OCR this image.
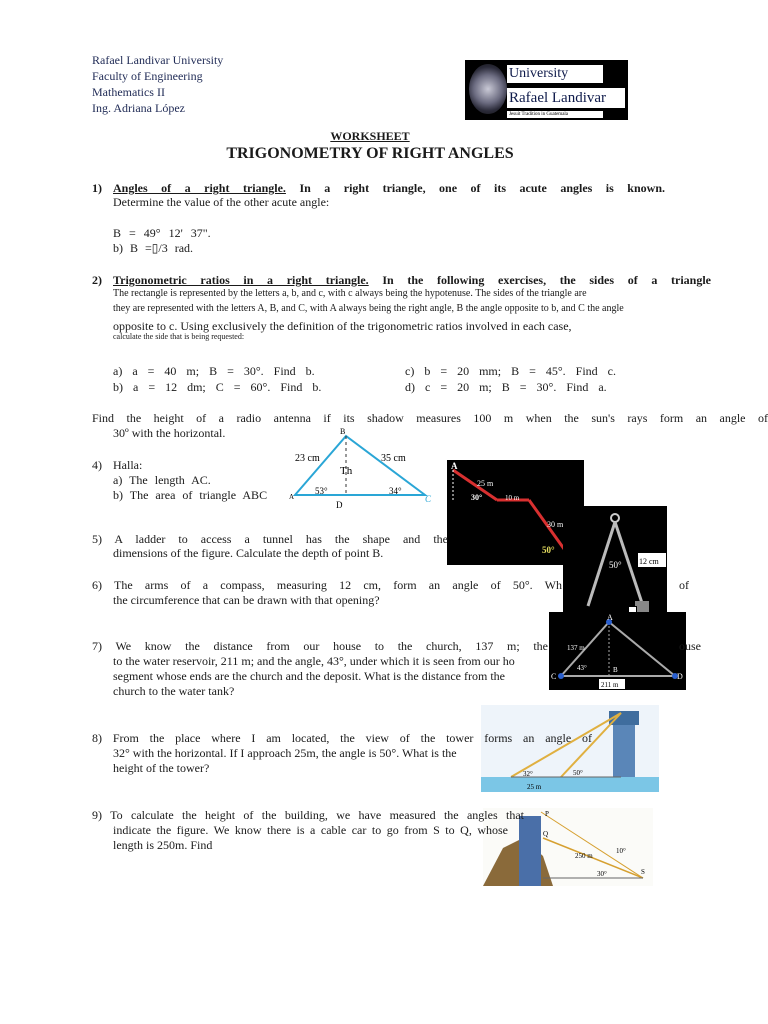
Rafael Landivar University
Faculty of Engineering
Mathematics II
Ing. Adriana López
University
Rafael Landivar
Jesuit Tradition in Guatemala
WORKSHEET
TRIGONOMETRY OF RIGHT ANGLES
1) Angles of a right triangle. In a right triangle, one of its acute angles is known.
Determine the value of the other acute angle:
B = 49° 12' 37".
b) B =▯/3 rad.
2) Trigonometric ratios in a right triangle. In the following exercises, the sides of a triangle
The rectangle is represented by the letters a, b, and c, with c always being the hypotenuse. The sides of the triangle are
they are represented with the letters A, B, and C, with A always being the right angle, B the angle opposite to b, and C the angle
opposite to c. Using exclusively the definition of the trigonometric ratios involved in each case,
calculate the side that is being requested:
a) a = 40 m; B = 30°. Find b.
b) a = 12 dm; C = 60°. Find b.
c) b = 20 mm; B = 45°. Find c.
d) c = 20 m; B = 30°. Find a.
Find the height of a radio antenna if its shadow measures 100 m when the sun's rays form an angle of
30º with the horizontal.
4) Halla:
a) The length AC.
b) The area of triangle ABC
B
D
C
A
23 cm	35 cm
Th
53°	34°
A
25 m
30°	10 m
30 m
50°
50° 12 cm
5) A ladder to access a tunnel has the shape and the
dimensions of the figure. Calculate the depth of point B.
6) The arms of a compass, measuring 12 cm, form an angle of 50°. Wh	of
the circumference that can be drawn with that opening?
A
B
C	D
137 m
43°
211 m
7) We know the distance from our house to the church, 137 m; the	ouse
to the water reservoir, 211 m; and the angle, 43°, under which it is seen from our ho
segment whose ends are the church and the deposit. What is the distance from the
church to the water tank?
32°	50°
25 m
8) From the place where I am located, the view of the tower forms an angle of
32° with the horizontal. If I approach 25m, the angle is 50°. What is the
height of the tower?
P
Q
S
250 m
10°
30°
9) To calculate the height of the building, we have measured the angles that
indicate the figure. We know there is a cable car to go from S to Q, whose
length is 250m. Find
